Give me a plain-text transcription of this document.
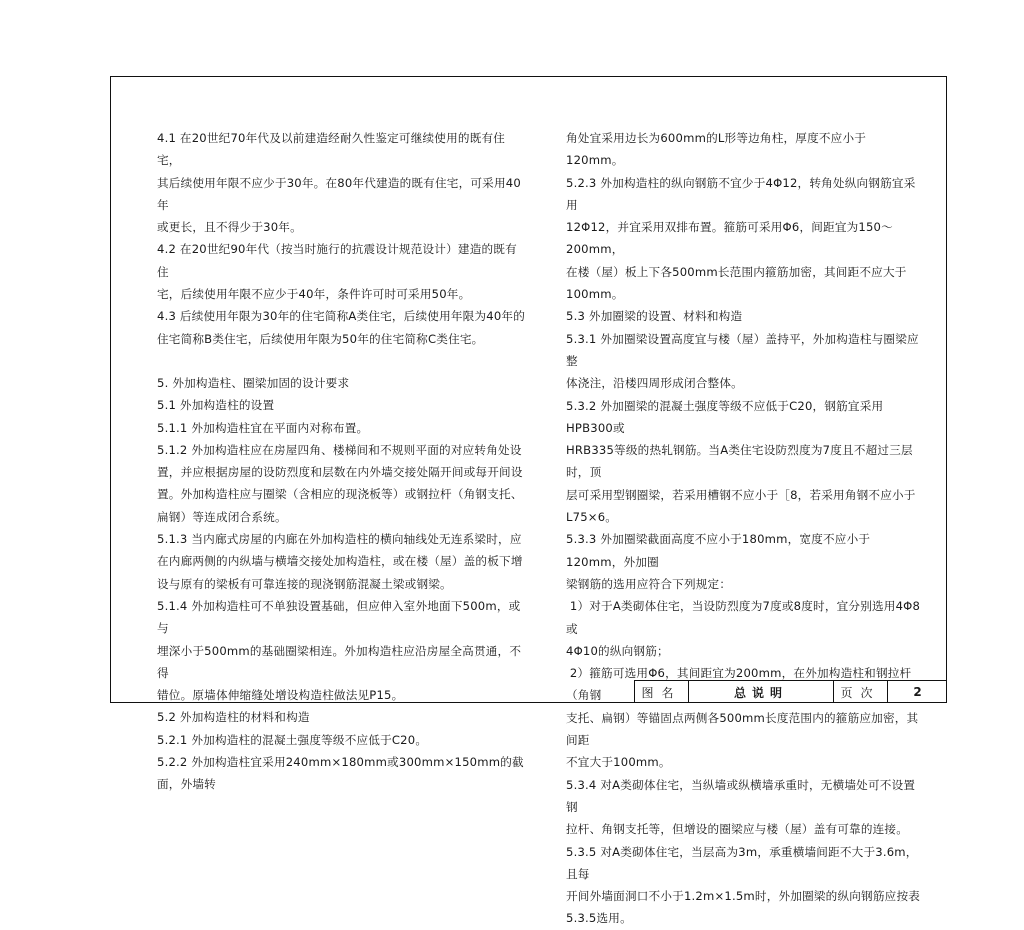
4.1 在20世纪70年代及以前建造经耐久性鉴定可继续使用的既有住宅，

其后续使用年限不应少于30年。在80年代建造的既有住宅，可采用40年

或更长，且不得少于30年。

4.2 在20世纪90年代（按当时施行的抗震设计规范设计）建造的既有住

宅，后续使用年限不应少于40年，条件许可时可采用50年。

4.3 后续使用年限为30年的住宅简称A类住宅，后续使用年限为40年的

住宅简称B类住宅，后续使用年限为50年的住宅简称C类住宅。

5. 外加构造柱、圈梁加固的设计要求

5.1 外加构造柱的设置

5.1.1 外加构造柱宜在平面内对称布置。

5.1.2 外加构造柱应在房屋四角、楼梯间和不规则平面的对应转角处设

置，并应根据房屋的设防烈度和层数在内外墙交接处隔开间或每开间设

置。外加构造柱应与圈梁（含相应的现浇板等）或钢拉杆（角钢支托、

扁钢）等连成闭合系统。

5.1.3 当内廊式房屋的内廊在外加构造柱的横向轴线处无连系梁时，应

在内廊两侧的内纵墙与横墙交接处加构造柱，或在楼（屋）盖的板下增

设与原有的梁板有可靠连接的现浇钢筋混凝土梁或钢梁。

5.1.4 外加构造柱可不单独设置基础，但应伸入室外地面下500m，或与

埋深小于500mm的基础圈梁相连。外加构造柱应沿房屋全高贯通，不得

错位。原墙体伸缩缝处增设构造柱做法见P15。

5.2 外加构造柱的材料和构造

5.2.1 外加构造柱的混凝土强度等级不应低于C20。

5.2.2 外加构造柱宜采用240mm×180mm或300mm×150mm的截面，外墙转

角处宜采用边长为600mm的L形等边角柱，厚度不应小于120mm。

5.2.3 外加构造柱的纵向钢筋不宜少于4Φ12，转角处纵向钢筋宜采用

12Φ12，并宜采用双排布置。箍筋可采用Φ6，间距宜为150～200mm，

在楼（屋）板上下各500mm长范围内箍筋加密，其间距不应大于100mm。

5.3 外加圈梁的设置、材料和构造

5.3.1 外加圈梁设置高度宜与楼（屋）盖持平，外加构造柱与圈梁应整

体浇注，沿楼四周形成闭合整体。

5.3.2 外加圈梁的混凝土强度等级不应低于C20，钢筋宜采用HPB300或

HRB335等级的热轧钢筋。当A类住宅设防烈度为7度且不超过三层时，顶

层可采用型钢圈梁，若采用槽钢不应小于［8，若采用角钢不应小于

L75×6。

5.3.3 外加圈梁截面高度不应小于180mm，宽度不应小于120mm，外加圈

梁钢筋的选用应符合下列规定：

1）对于A类砌体住宅，当设防烈度为7度或8度时，宜分别选用4Φ8或

4Φ10的纵向钢筋；

2）箍筋可选用Φ6，其间距宜为200mm，在外加构造柱和钢拉杆（角钢

支托、扁钢）等锚固点两侧各500mm长度范围内的箍筋应加密，其间距

不宜大于100mm。

5.3.4 对A类砌体住宅，当纵墙或纵横墙承重时，无横墙处可不设置钢

拉杆、角钢支托等，但增设的圈梁应与楼（屋）盖有可靠的连接。

5.3.5 对A类砌体住宅，当层高为3m，承重横墙间距不大于3.6m，且每

开间外墙面洞口不小于1.2m×1.5m时，外加圈梁的纵向钢筋应按表

5.3.5选用。

图名	总说明	页次	2
